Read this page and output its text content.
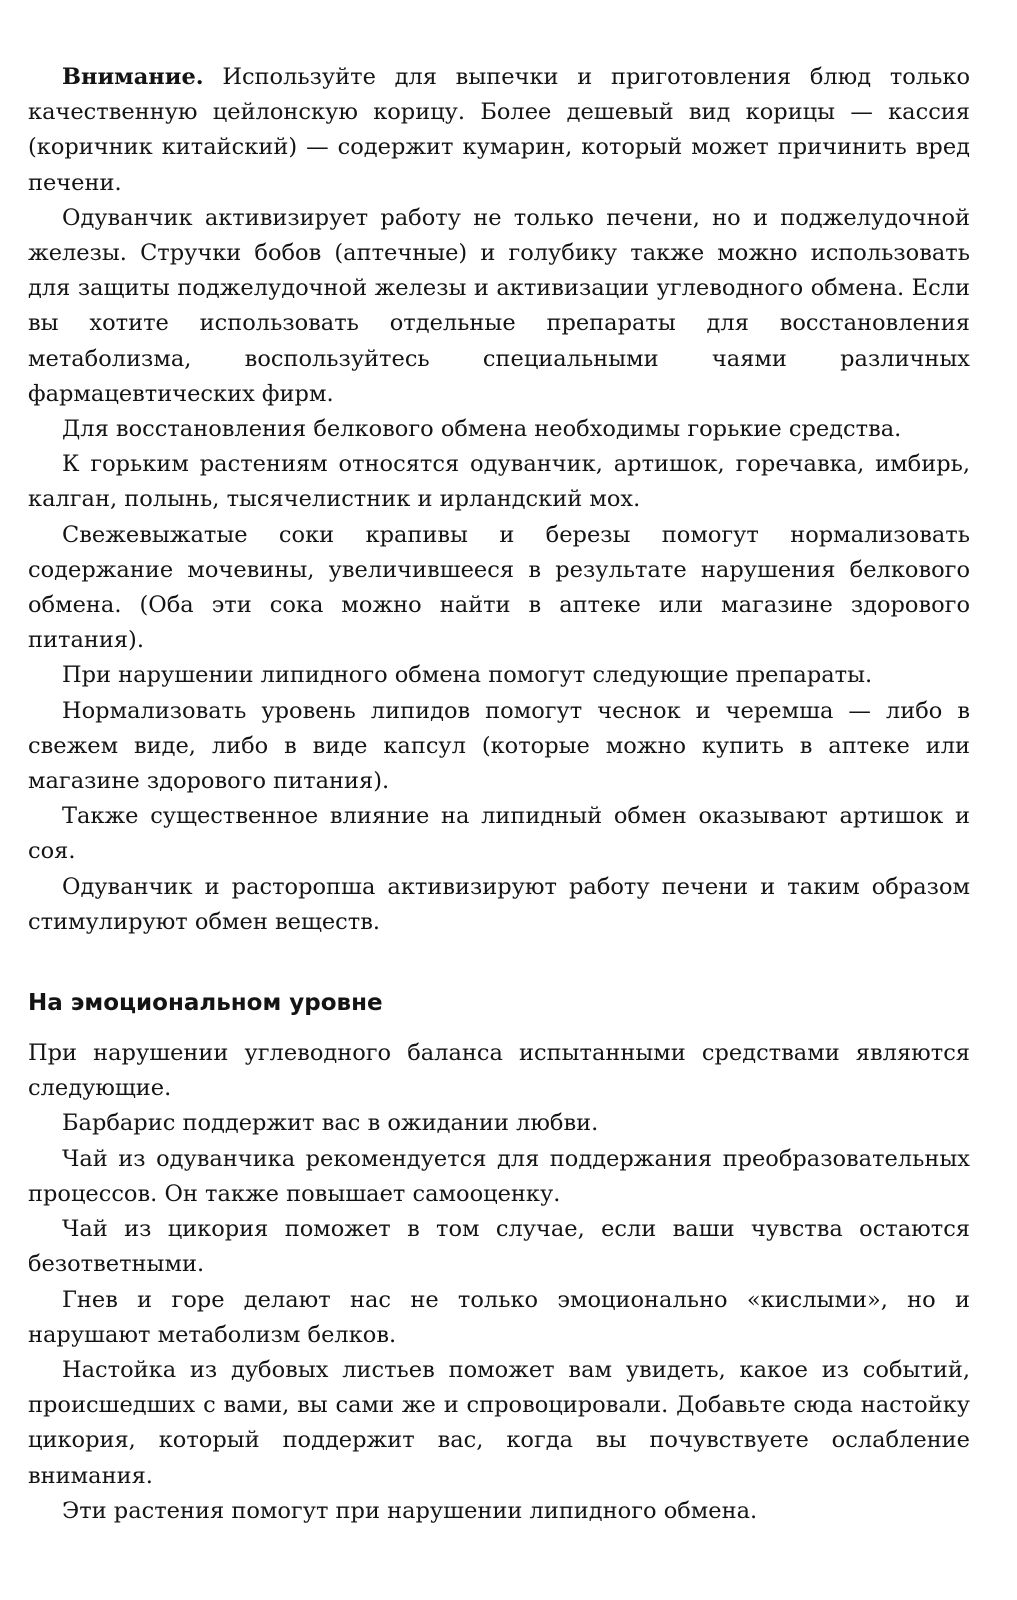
Внимание. Используйте для выпечки и приготовления блюд только качественную цейлонскую корицу. Более дешевый вид корицы — кассия (коричник китайский) — содержит кумарин, который может причинить вред печени.

Одуванчик активизирует работу не только печени, но и поджелудочной железы. Стручки бобов (аптечные) и голубику также можно использовать для защиты поджелудочной железы и активизации углеводного обмена. Если вы хотите использовать отдельные препараты для восстановления метаболизма, воспользуйтесь специальными чаями различных фармацевтических фирм.

Для восстановления белкового обмена необходимы горькие средства.

К горьким растениям относятся одуванчик, артишок, горечавка, имбирь, калган, полынь, тысячелистник и ирландский мох.

Свежевыжатые соки крапивы и березы помогут нормализовать содержание мочевины, увеличившееся в результате нарушения белкового обмена. (Оба эти сока можно найти в аптеке или магазине здорового питания).

При нарушении липидного обмена помогут следующие препараты.

Нормализовать уровень липидов помогут чеснок и черемша — либо в свежем виде, либо в виде капсул (которые можно купить в аптеке или магазине здорового питания).

Также существенное влияние на липидный обмен оказывают артишок и соя.

Одуванчик и расторопша активизируют работу печени и таким образом стимулируют обмен веществ.

На эмоциональном уровне

При нарушении углеводного баланса испытанными средствами являются следующие.

Барбарис поддержит вас в ожидании любви.

Чай из одуванчика рекомендуется для поддержания преобразовательных процессов. Он также повышает самооценку.

Чай из цикория поможет в том случае, если ваши чувства остаются безответными.

Гнев и горе делают нас не только эмоционально «кислыми», но и нарушают метаболизм белков.

Настойка из дубовых листьев поможет вам увидеть, какое из событий, происшедших с вами, вы сами же и спровоцировали. Добавьте сюда настойку цикория, который поддержит вас, когда вы почувствуете ослабление внимания.

Эти растения помогут при нарушении липидного обмена.
